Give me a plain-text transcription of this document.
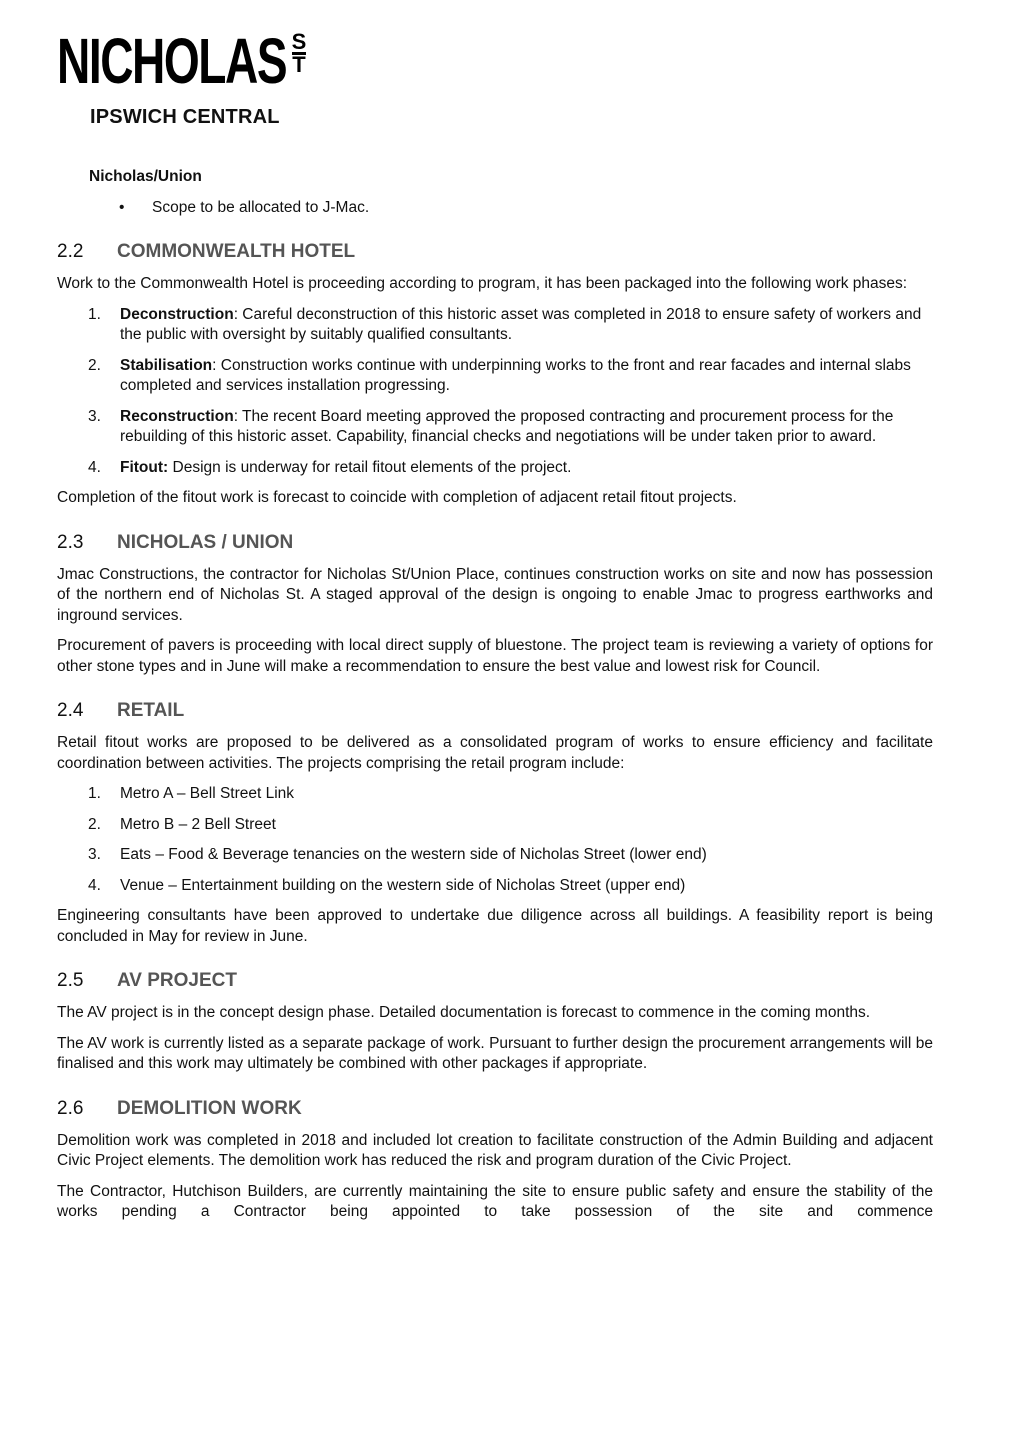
NICHOLAS S
T
IPSWICH CENTRAL
Nicholas/Union
• Scope to be allocated to J-Mac.
2.2 COMMONWEALTH HOTEL

Work to the Commonwealth Hotel is proceeding according to program, it has been packaged into the following work phases:

1. Deconstruction: Careful deconstruction of this historic asset was completed in 2018 to ensure safety of workers and the public with oversight by suitably qualified consultants.
2. Stabilisation: Construction works continue with underpinning works to the front and rear facades and internal slabs completed and services installation progressing.
3. Reconstruction: The recent Board meeting approved the proposed contracting and procurement process for the rebuilding of this historic asset. Capability, financial checks and negotiations will be under taken prior to award.
4. Fitout: Design is underway for retail fitout elements of the project.

Completion of the fitout work is forecast to coincide with completion of adjacent retail fitout projects.

2.3 NICHOLAS / UNION

Jmac Constructions, the contractor for Nicholas St/Union Place, continues construction works on site and now has possession of the northern end of Nicholas St. A staged approval of the design is ongoing to enable Jmac to progress earthworks and inground services.

Procurement of pavers is proceeding with local direct supply of bluestone. The project team is reviewing a variety of options for other stone types and in June will make a recommendation to ensure the best value and lowest risk for Council.

2.4 RETAIL

Retail fitout works are proposed to be delivered as a consolidated program of works to ensure efficiency and facilitate coordination between activities. The projects comprising the retail program include:

1. Metro A – Bell Street Link
2. Metro B – 2 Bell Street
3. Eats – Food & Beverage tenancies on the western side of Nicholas Street (lower end)
4. Venue – Entertainment building on the western side of Nicholas Street (upper end)

Engineering consultants have been approved to undertake due diligence across all buildings. A feasibility report is being concluded in May for review in June.

2.5 AV PROJECT

The AV project is in the concept design phase. Detailed documentation is forecast to commence in the coming months.

The AV work is currently listed as a separate package of work. Pursuant to further design the procurement arrangements will be finalised and this work may ultimately be combined with other packages if appropriate.

2.6 DEMOLITION WORK

Demolition work was completed in 2018 and included lot creation to facilitate construction of the Admin Building and adjacent Civic Project elements. The demolition work has reduced the risk and program duration of the Civic Project.

The Contractor, Hutchison Builders, are currently maintaining the site to ensure public safety and ensure the stability of the works pending a Contractor being appointed to take possession of the site and commence
